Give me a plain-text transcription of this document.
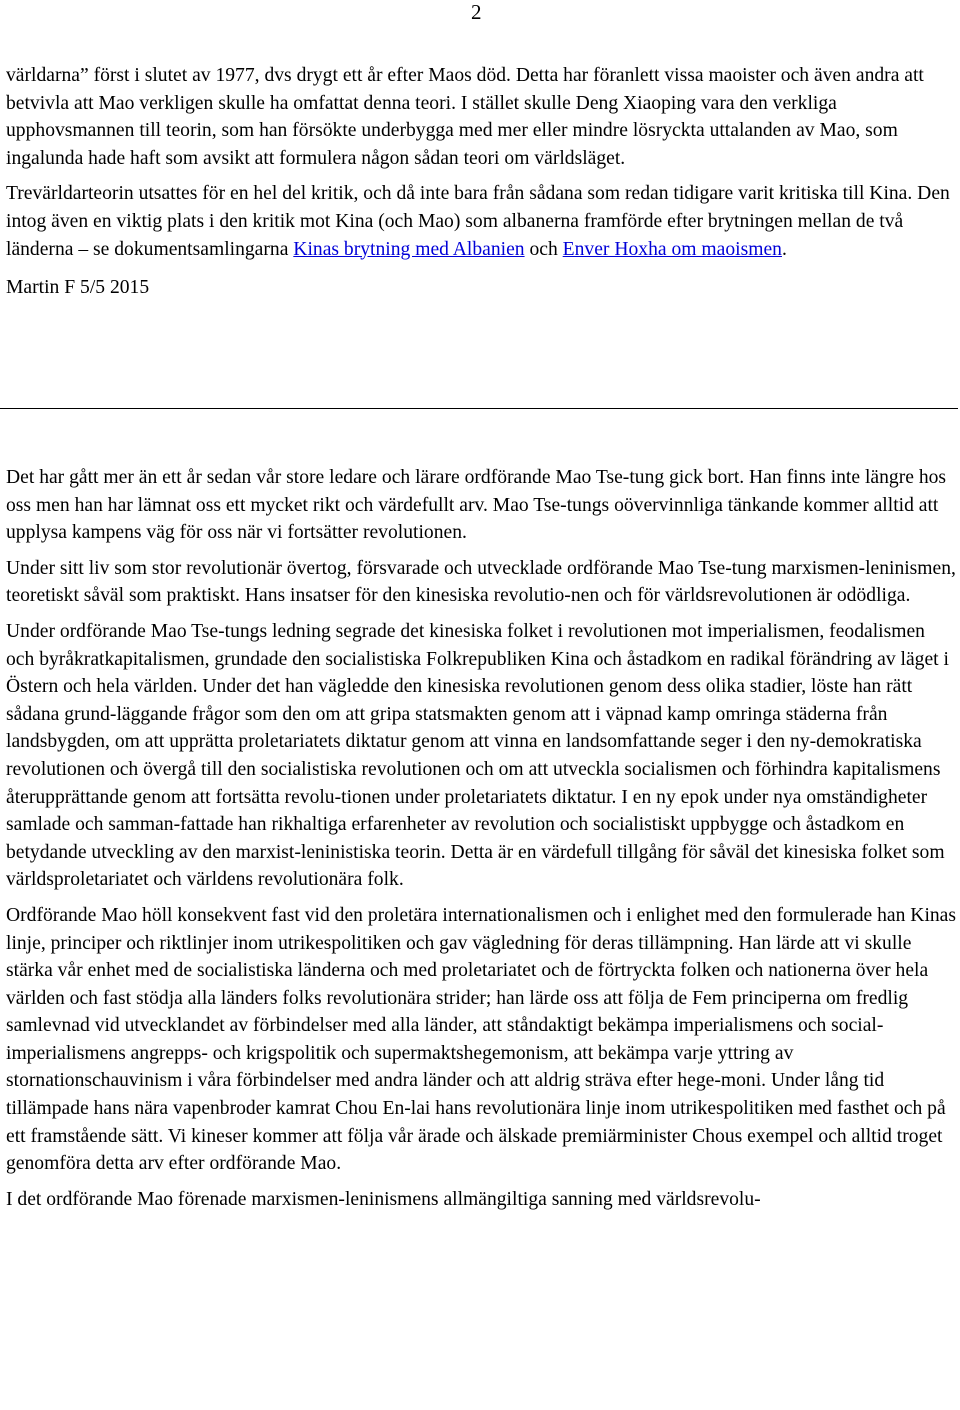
2

världarna” först i slutet av 1977, dvs drygt ett år efter Maos död. Detta har föranlett vissa maoister och även andra att betvivla att Mao verkligen skulle ha omfattat denna teori. I stället skulle Deng Xiaoping vara den verkliga upphovsmannen till teorin, som han försökte underbygga med mer eller mindre lösryckta uttalanden av Mao, som ingalunda hade haft som avsikt att formulera någon sådan teori om världsläget.

Trevärldarteorin utsattes för en hel del kritik, och då inte bara från sådana som redan tidigare varit kritiska till Kina. Den intog även en viktig plats i den kritik mot Kina (och Mao) som albanerna framförde efter brytningen mellan de två länderna – se dokumentsamlingarna Kinas brytning med Albanien och Enver Hoxha om maoismen.

Martin F 5/5 2015

Det har gått mer än ett år sedan vår store ledare och lärare ordförande Mao Tse-tung gick bort. Han finns inte längre hos oss men han har lämnat oss ett mycket rikt och värdefullt arv. Mao Tse-tungs oövervinnliga tänkande kommer alltid att upplysa kampens väg för oss när vi fortsätter revolutionen.

Under sitt liv som stor revolutionär övertog, försvarade och utvecklade ordförande Mao Tse-tung marxismen-leninismen, teoretiskt såväl som praktiskt. Hans insatser för den kinesiska revolutio-nen och för världsrevolutionen är odödliga.

Under ordförande Mao Tse-tungs ledning segrade det kinesiska folket i revolutionen mot imperialismen, feodalismen och byråkratkapitalismen, grundade den socialistiska Folkrepubliken Kina och åstadkom en radikal förändring av läget i Östern och hela världen. Under det han vägledde den kinesiska revolutionen genom dess olika stadier, löste han rätt sådana grund-läggande frågor som den om att gripa statsmakten genom att i väpnad kamp omringa städerna från landsbygden, om att upprätta proletariatets diktatur genom att vinna en landsomfattande seger i den ny-demokratiska revolutionen och övergå till den socialistiska revolutionen och om att utveckla socialismen och förhindra kapitalismens återupprättande genom att fortsätta revolu-tionen under proletariatets diktatur. I en ny epok under nya omständigheter samlade och samman-fattade han rikhaltiga erfarenheter av revolution och socialistiskt uppbygge och åstadkom en betydande utveckling av den marxist-leninistiska teorin. Detta är en värdefull tillgång för såväl det kinesiska folket som världsproletariatet och världens revolutionära folk.

Ordförande Mao höll konsekvent fast vid den proletära internationalismen och i enlighet med den formulerade han Kinas linje, principer och riktlinjer inom utrikespolitiken och gav vägledning för deras tillämpning. Han lärde att vi skulle stärka vår enhet med de socialistiska länderna och med proletariatet och de förtryckta folken och nationerna över hela världen och fast stödja alla länders folks revolutionära strider; han lärde oss att följa de Fem principerna om fredlig samlevnad vid utvecklandet av förbindelser med alla länder, att ståndaktigt bekämpa imperialismens och social-imperialismens angrepps- och krigspolitik och supermaktshegemonism, att bekämpa varje yttring av stornationschauvinism i våra förbindelser med andra länder och att aldrig sträva efter hege-moni. Under lång tid tillämpade hans nära vapenbroder kamrat Chou En-lai hans revolutionära linje inom utrikespolitiken med fasthet och på ett framstående sätt. Vi kineser kommer att följa vår ärade och älskade premiärminister Chous exempel och alltid troget genomföra detta arv efter ordförande Mao.

I det ordförande Mao förenade marxismen-leninismens allmängiltiga sanning med världsrevolu-
